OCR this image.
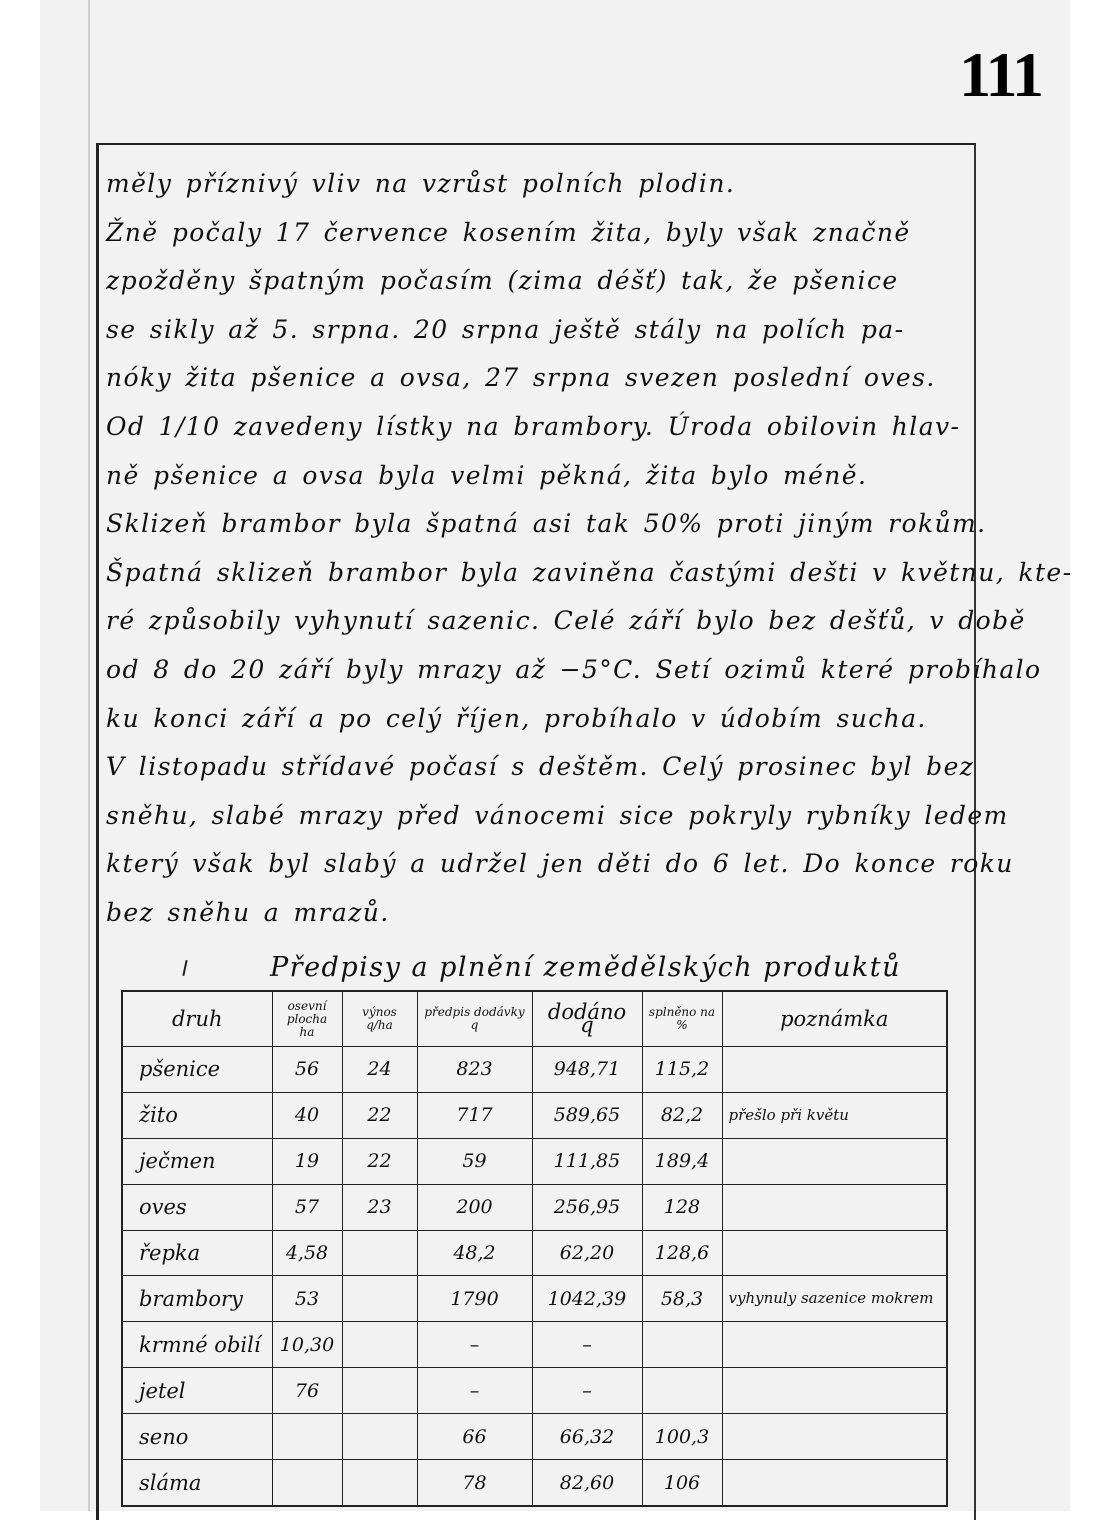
111
měly příznivý vliv na vzrůst polních plodin.
Žně počaly 17 července kosením žita, byly však značně
zpožděny špatným počasím (zima déšť) tak, že pšenice
se sikly až 5. srpna. 20 srpna ještě stály na polích pa-
nóky žita pšenice a ovsa, 27 srpna svezen poslední oves.
Od 1/10 zavedeny lístky na brambory. Úroda obilovin hlav-
ně pšenice a ovsa byla velmi pěkná, žita bylo méně.
Sklizeň brambor byla špatná asi tak 50% proti jiným rokům.
Špatná sklizeň brambor byla zaviněna častými dešti v květnu, kte-
ré způsobily vyhynutí sazenic. Celé září bylo bez dešťů, v době
od 8 do 20 září byly mrazy až −5°C. Setí ozimů které probíhalo
ku konci září a po celý říjen, probíhalo v údobím sucha.
V listopadu střídavé počasí s deštěm. Celý prosinec byl bez
sněhu, slabé mrazy před vánocemi sice pokryly rybníky ledem
který však byl slabý a udržel jen děti do 6 let. Do konce roku
bez sněhu a mrazů.
Předpisy a plnění zemědělských produktů
druh	osevní plocha ha	výnos q/ha	předpis dodávky q	dodáno q	splněno na %	poznámka
pšenice	56	24	823	948,71	115,2	
žito	40	22	717	589,65	82,2	přešlo při květu
ječmen	19	22	59	111,85	189,4	
oves	57	23	200	256,95	128	
řepka	4,58		48,2	62,20	128,6	
brambory	53		1790	1042,39	58,3	vyhynuly sazenice mokrem
krmné obilí	10,30		–	–		
jetel	76		–	–		
seno			66	66,32	100,3	
sláma			78	82,60	106	
